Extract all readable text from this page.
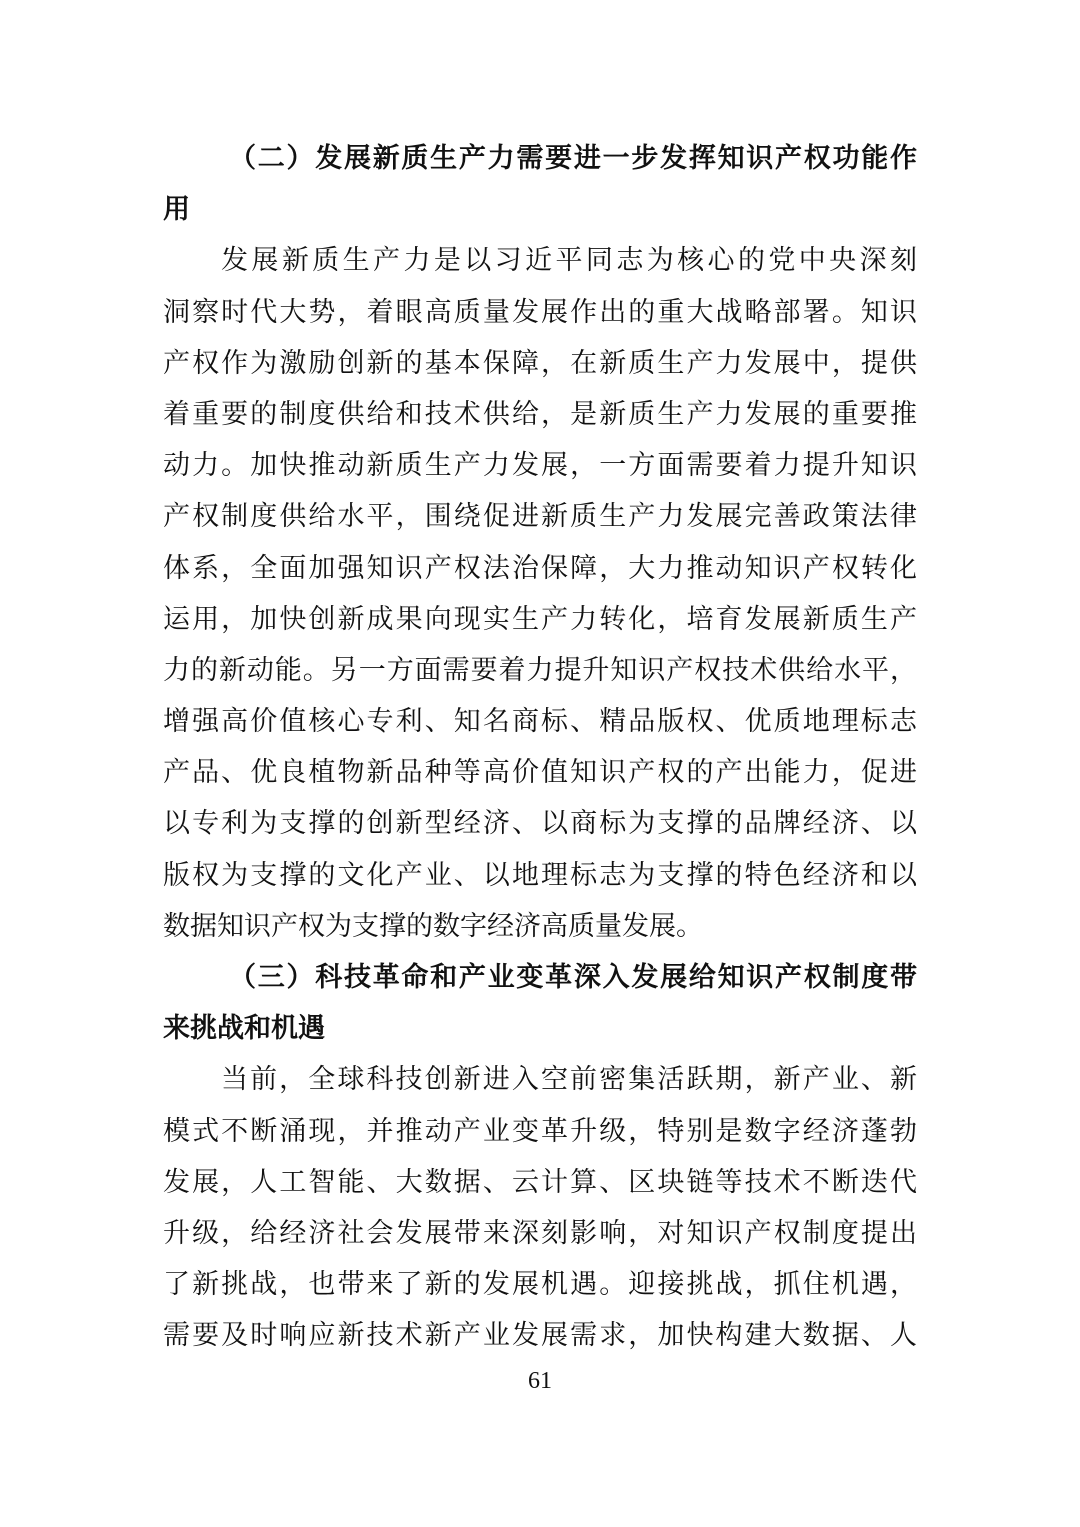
（二）发展新质生产力需要进一步发挥知识产权功能作
用
发展新质生产力是以习近平同志为核心的党中央深刻
洞察时代大势，着眼高质量发展作出的重大战略部署。知识
产权作为激励创新的基本保障，在新质生产力发展中，提供
着重要的制度供给和技术供给，是新质生产力发展的重要推
动力。加快推动新质生产力发展，一方面需要着力提升知识
产权制度供给水平，围绕促进新质生产力发展完善政策法律
体系，全面加强知识产权法治保障，大力推动知识产权转化
运用，加快创新成果向现实生产力转化，培育发展新质生产
力的新动能。另一方面需要着力提升知识产权技术供给水平，
增强高价值核心专利、知名商标、精品版权、优质地理标志
产品、优良植物新品种等高价值知识产权的产出能力，促进
以专利为支撑的创新型经济、以商标为支撑的品牌经济、以
版权为支撑的文化产业、以地理标志为支撑的特色经济和以
数据知识产权为支撑的数字经济高质量发展。
（三）科技革命和产业变革深入发展给知识产权制度带
来挑战和机遇
当前，全球科技创新进入空前密集活跃期，新产业、新
模式不断涌现，并推动产业变革升级，特别是数字经济蓬勃
发展，人工智能、大数据、云计算、区块链等技术不断迭代
升级，给经济社会发展带来深刻影响，对知识产权制度提出
了新挑战，也带来了新的发展机遇。迎接挑战，抓住机遇，
需要及时响应新技术新产业发展需求，加快构建大数据、人
61
